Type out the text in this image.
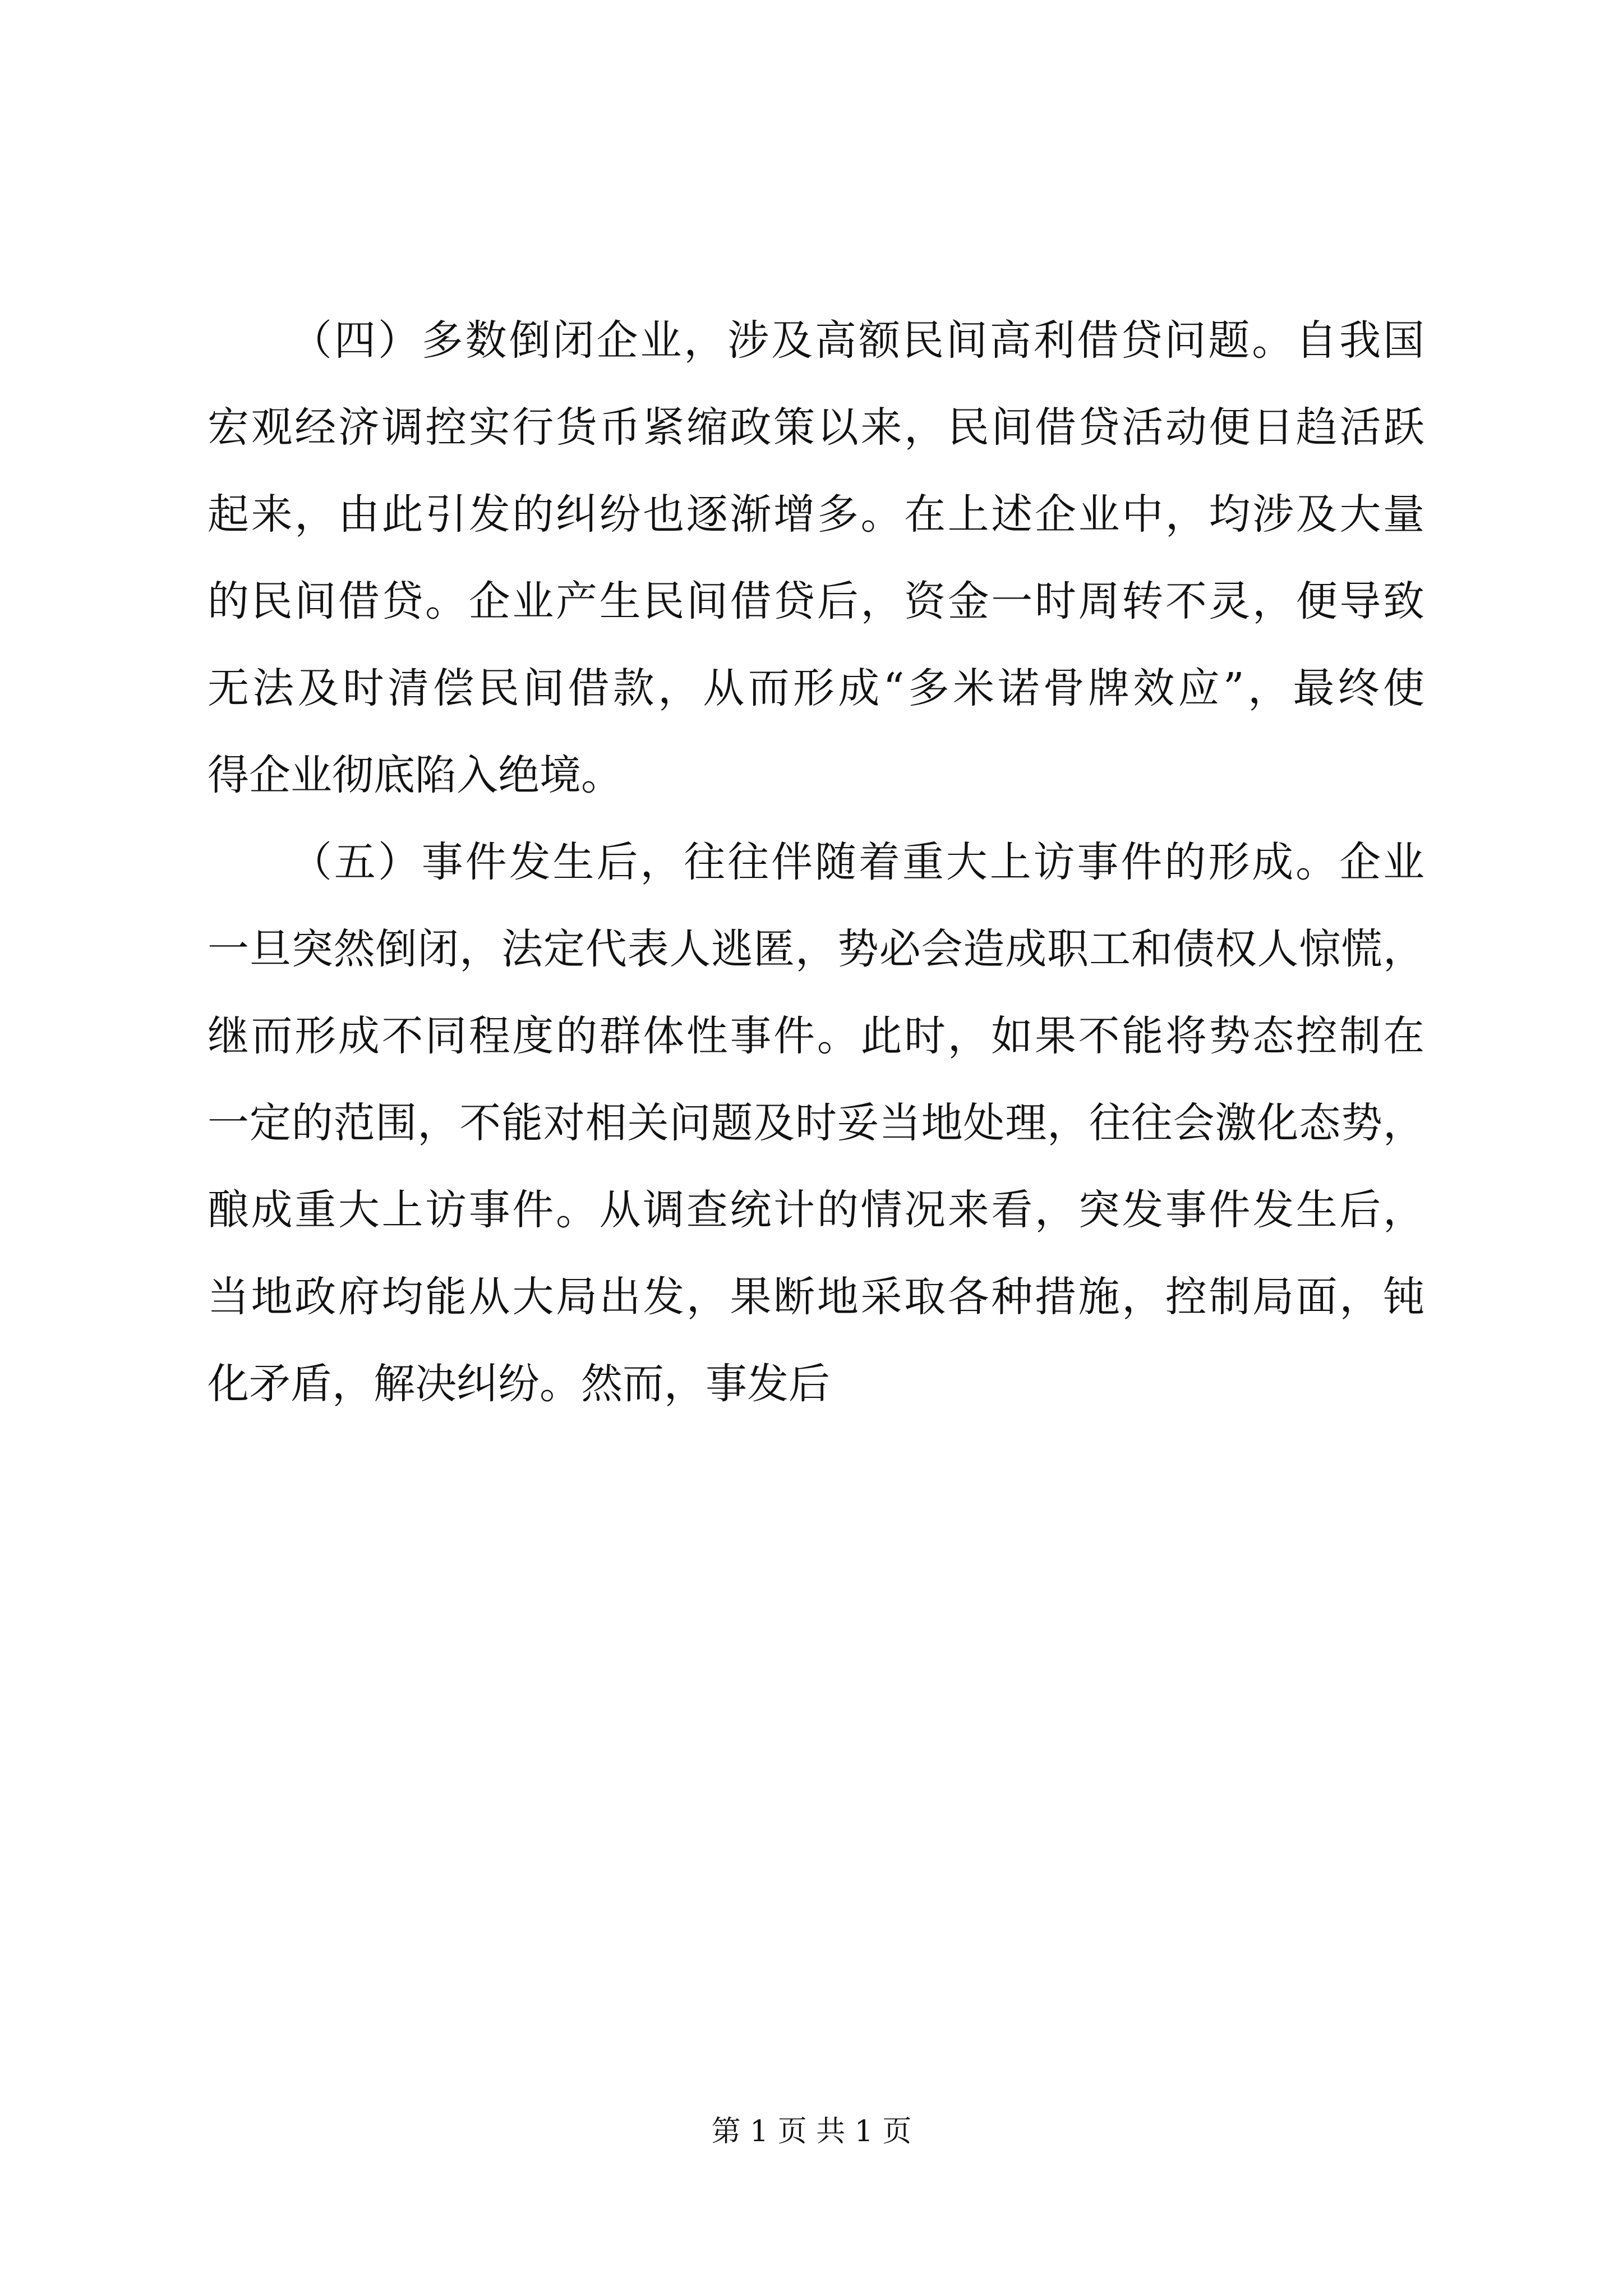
（四）多数倒闭企业，涉及高额民间高利借贷问题。自我国
宏观经济调控实行货币紧缩政策以来，民间借贷活动便日趋活跃
起来，由此引发的纠纷也逐渐增多。在上述企业中，均涉及大量
的民间借贷。企业产生民间借贷后，资金一时周转不灵，便导致
无法及时清偿民间借款，从而形成“多米诺骨牌效应”，最终使
得企业彻底陷入绝境。
（五）事件发生后，往往伴随着重大上访事件的形成。企业
一旦突然倒闭，法定代表人逃匿，势必会造成职工和债权人惊慌，
继而形成不同程度的群体性事件。此时，如果不能将势态控制在
一定的范围，不能对相关问题及时妥当地处理，往往会激化态势，
酿成重大上访事件。从调查统计的情况来看，突发事件发生后，
当地政府均能从大局出发，果断地采取各种措施，控制局面，钝
化矛盾，解决纠纷。然而，事发后
第 1 页 共 1 页
